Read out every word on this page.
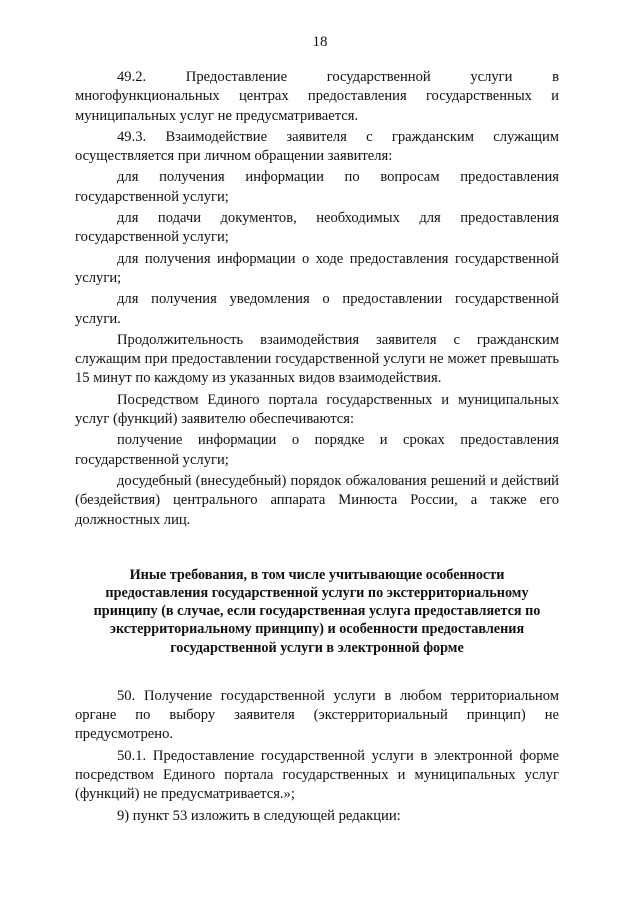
18

49.2. Предоставление государственной услуги в многофункциональных центрах предоставления государственных и муниципальных услуг не предусматривается.

49.3. Взаимодействие заявителя с гражданским служащим осуществляется при личном обращении заявителя:

для получения информации по вопросам предоставления государственной услуги;

для подачи документов, необходимых для предоставления государственной услуги;

для получения информации о ходе предоставления государственной услуги;

для получения уведомления о предоставлении государственной услуги.

Продолжительность взаимодействия заявителя с гражданским служащим при предоставлении государственной услуги не может превышать 15 минут по каждому из указанных видов взаимодействия.

Посредством Единого портала государственных и муниципальных услуг (функций) заявителю обеспечиваются:

получение информации о порядке и сроках предоставления государственной услуги;

досудебный (внесудебный) порядок обжалования решений и действий (бездействия) центрального аппарата Минюста России, а также его должностных лиц.

Иные требования, в том числе учитывающие особенности предоставления государственной услуги по экстерриториальному принципу (в случае, если государственная услуга предоставляется по экстерриториальному принципу) и особенности предоставления государственной услуги в электронной форме

50. Получение государственной услуги в любом территориальном органе по выбору заявителя (экстерриториальный принцип) не предусмотрено.

50.1. Предоставление государственной услуги в электронной форме посредством Единого портала государственных и муниципальных услуг (функций) не предусматривается.»;

9) пункт 53 изложить в следующей редакции:
